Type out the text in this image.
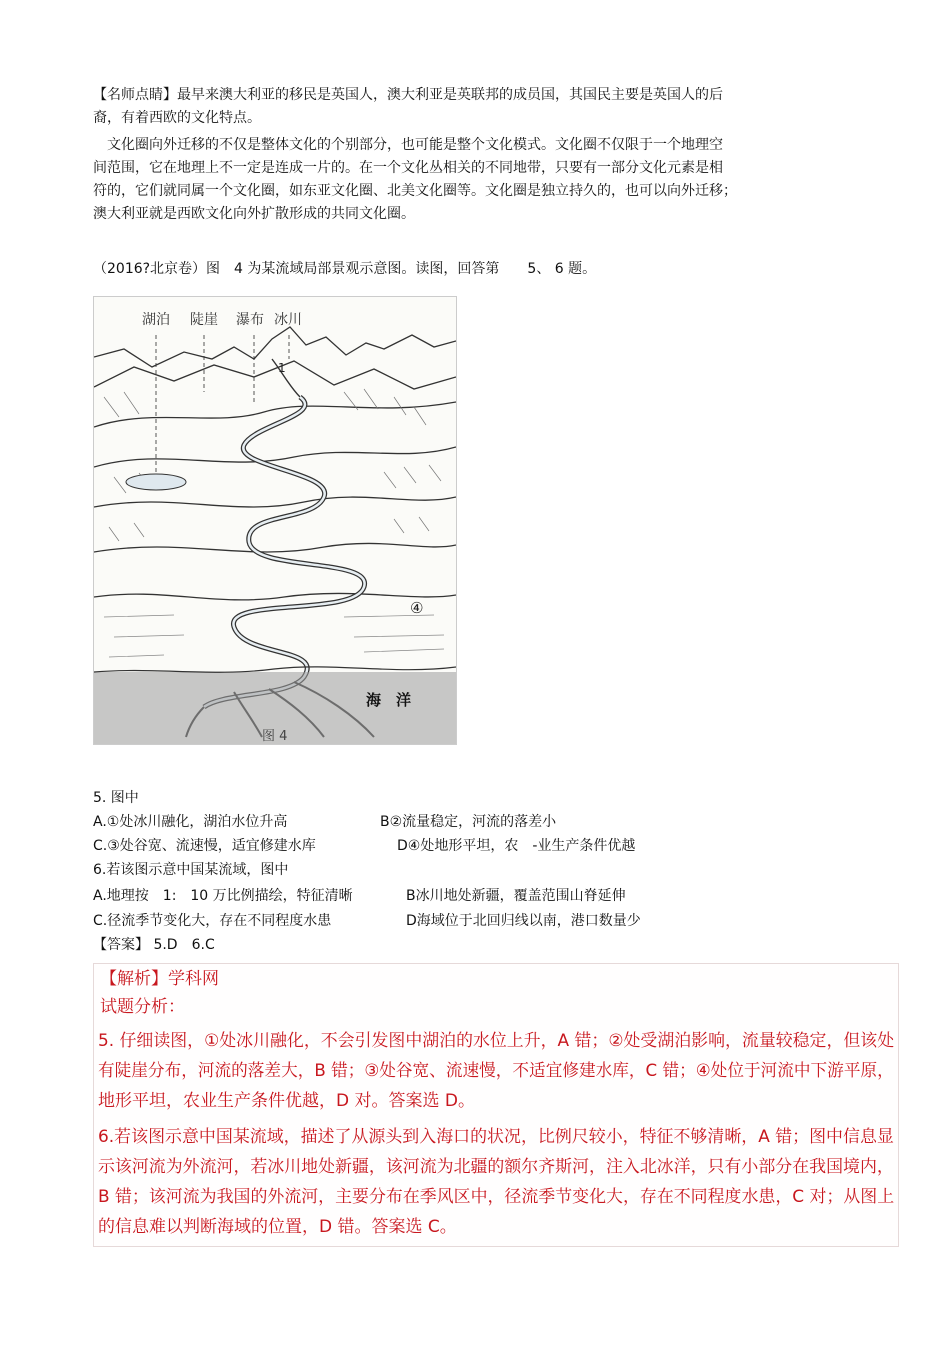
【名师点睛】最早来澳大利亚的移民是英国人，澳大利亚是英联邦的成员国，其国民主要是英国人的后

裔，有着西欧的文化特点。

文化圈向外迁移的不仅是整体文化的个别部分，也可能是整个文化模式。文化圈不仅限于一个地理空

间范围，它在地理上不一定是连成一片的。在一个文化丛相关的不同地带，只要有一部分文化元素是相

符的，它们就同属一个文化圈，如东亚文化圈、北美文化圈等。文化圈是独立持久的，也可以向外迁移；

澳大利亚就是西欧文化向外扩散形成的共同文化圈。

（2016?北京卷）图　4 为某流域局部景观示意图。读图，回答第　　5、 6 题。

湖泊 陡崖 瀑布 冰川
1
④
海　洋
图 4
5. 图中
A.①处冰川融化，湖泊水位升高	B②流量稳定，河流的落差小
C.③处谷宽、流速慢，适宜修建水库	D④处地形平坦，农　-业生产条件优越
6.若该图示意中国某流域，图中
A.地理按　1:　10 万比例描绘，特征清晰	B冰川地处新疆，覆盖范围山脊延伸
C.径流季节变化大，存在不同程度水患	D海域位于北回归线以南，港口数量少
【答案】 5.D　6.C
【解析】学科网
试题分析：
5. 仔细读图，①处冰川融化，不会引发图中湖泊的水位上升，A 错；②处受湖泊影响，流量较稳定，但该处
有陡崖分布，河流的落差大，B 错；③处谷宽、流速慢，不适宜修建水库，C 错；④处位于河流中下游平原，
地形平坦，农业生产条件优越，D 对。答案选 D。
6.若该图示意中国某流域，描述了从源头到入海口的状况，比例尺较小，特征不够清晰，A 错；图中信息显
示该河流为外流河，若冰川地处新疆，该河流为北疆的额尔齐斯河，注入北冰洋，只有小部分在我国境内，
B 错；该河流为我国的外流河，主要分布在季风区中，径流季节变化大，存在不同程度水患，C 对；从图上
的信息难以判断海域的位置，D 错。答案选 C。
